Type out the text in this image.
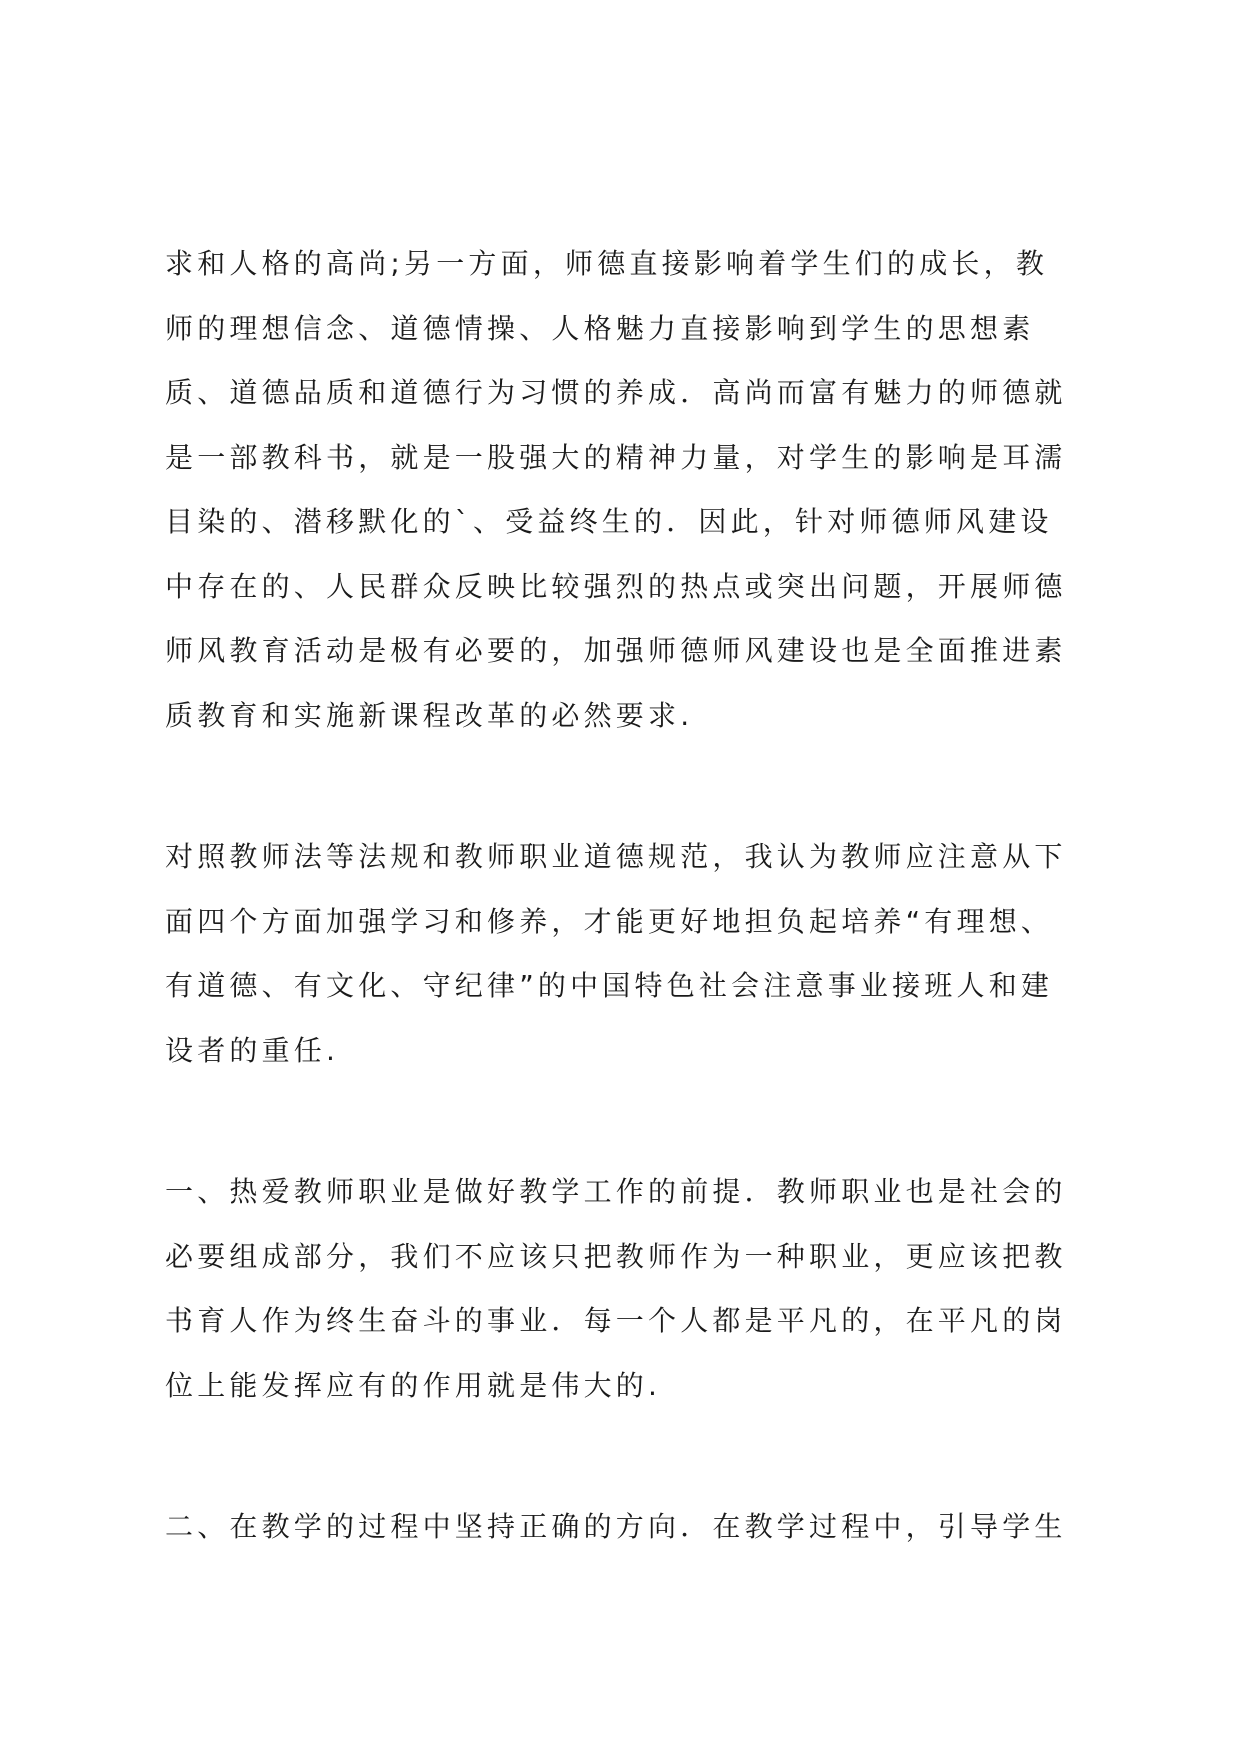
求和人格的高尚;另一方面，师德直接影响着学生们的成长，教
师的理想信念、道德情操、人格魅力直接影响到学生的思想素
质、道德品质和道德行为习惯的养成．高尚而富有魅力的师德就
是一部教科书，就是一股强大的精神力量，对学生的影响是耳濡
目染的、潜移默化的`、受益终生的．因此，针对师德师风建设
中存在的、人民群众反映比较强烈的热点或突出问题，开展师德
师风教育活动是极有必要的，加强师德师风建设也是全面推进素
质教育和实施新课程改革的必然要求.
对照教师法等法规和教师职业道德规范，我认为教师应注意从下
面四个方面加强学习和修养，才能更好地担负起培养“有理想、
有道德、有文化、守纪律”的中国特色社会注意事业接班人和建
设者的重任.
一、热爱教师职业是做好教学工作的前提．教师职业也是社会的
必要组成部分，我们不应该只把教师作为一种职业，更应该把教
书育人作为终生奋斗的事业．每一个人都是平凡的，在平凡的岗
位上能发挥应有的作用就是伟大的.
二、在教学的过程中坚持正确的方向．在教学过程中，引导学生
